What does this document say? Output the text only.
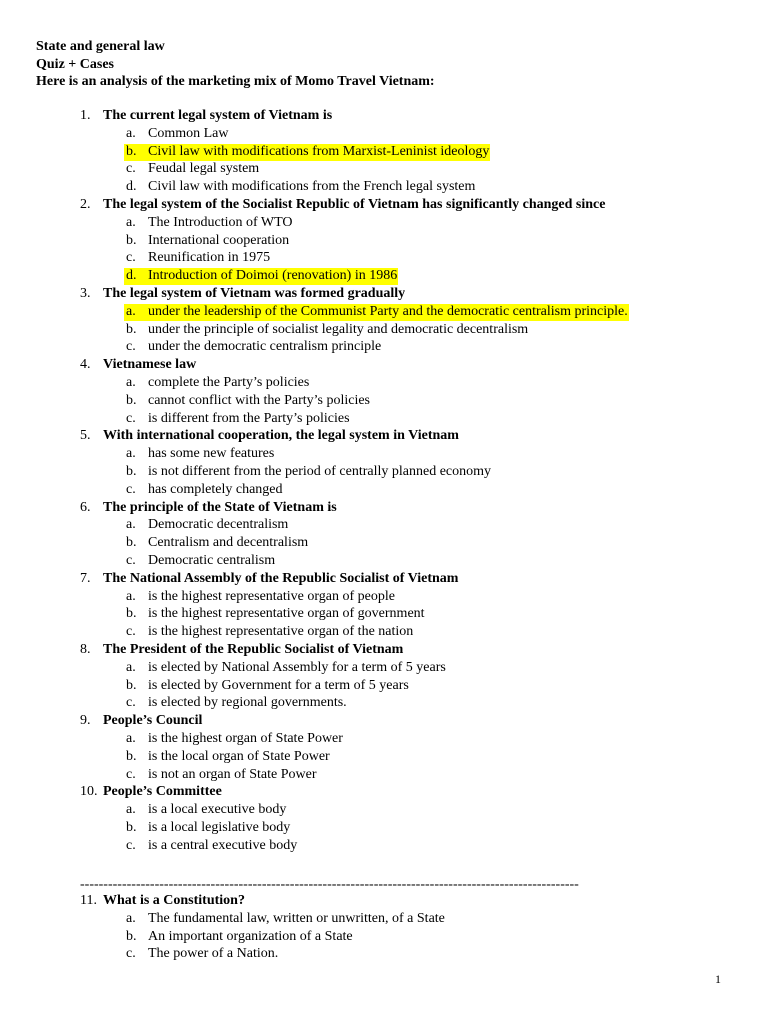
State and general law
Quiz + Cases
Here is an analysis of the marketing mix of Momo Travel Vietnam:
1. The current legal system of Vietnam is
a. Common Law
b. Civil law with modifications from Marxist-Leninist ideology
c. Feudal legal system
d. Civil law with modifications from the French legal system
2. The legal system of the Socialist Republic of Vietnam has significantly changed since
a. The Introduction of WTO
b. International cooperation
c. Reunification in 1975
d. Introduction of Doimoi (renovation) in 1986
3. The legal system of Vietnam was formed gradually
a. under the leadership of the Communist Party and the democratic centralism principle.
b. under the principle of socialist legality and democratic decentralism
c. under the democratic centralism principle
4. Vietnamese law
a. complete the Party’s policies
b. cannot conflict with the Party’s policies
c. is different from the Party’s policies
5. With international cooperation, the legal system in Vietnam
a. has some new features
b. is not different from the period of centrally planned economy
c. has completely changed
6. The principle of the State of Vietnam is
a. Democratic decentralism
b. Centralism and decentralism
c. Democratic centralism
7. The National Assembly of the Republic Socialist of Vietnam
a. is the highest representative organ of people
b. is the highest representative organ of government
c. is the highest representative organ of the nation
8. The President of the Republic Socialist of Vietnam
a. is elected by National Assembly for a term of 5 years
b. is elected by Government for a term of 5 years
c. is elected by regional governments.
9. People’s Council
a. is the highest organ of State Power
b. is the local organ of State Power
c. is not an organ of State Power
10. People’s Committee
a. is a local executive body
b. is a local legislative body
c. is a central executive body
11. What is a Constitution?
a. The fundamental law, written or unwritten, of a State
b. An important organization of a State
c. The power of a Nation.
-----------------------------------------------------------------------------------------------------------
1
